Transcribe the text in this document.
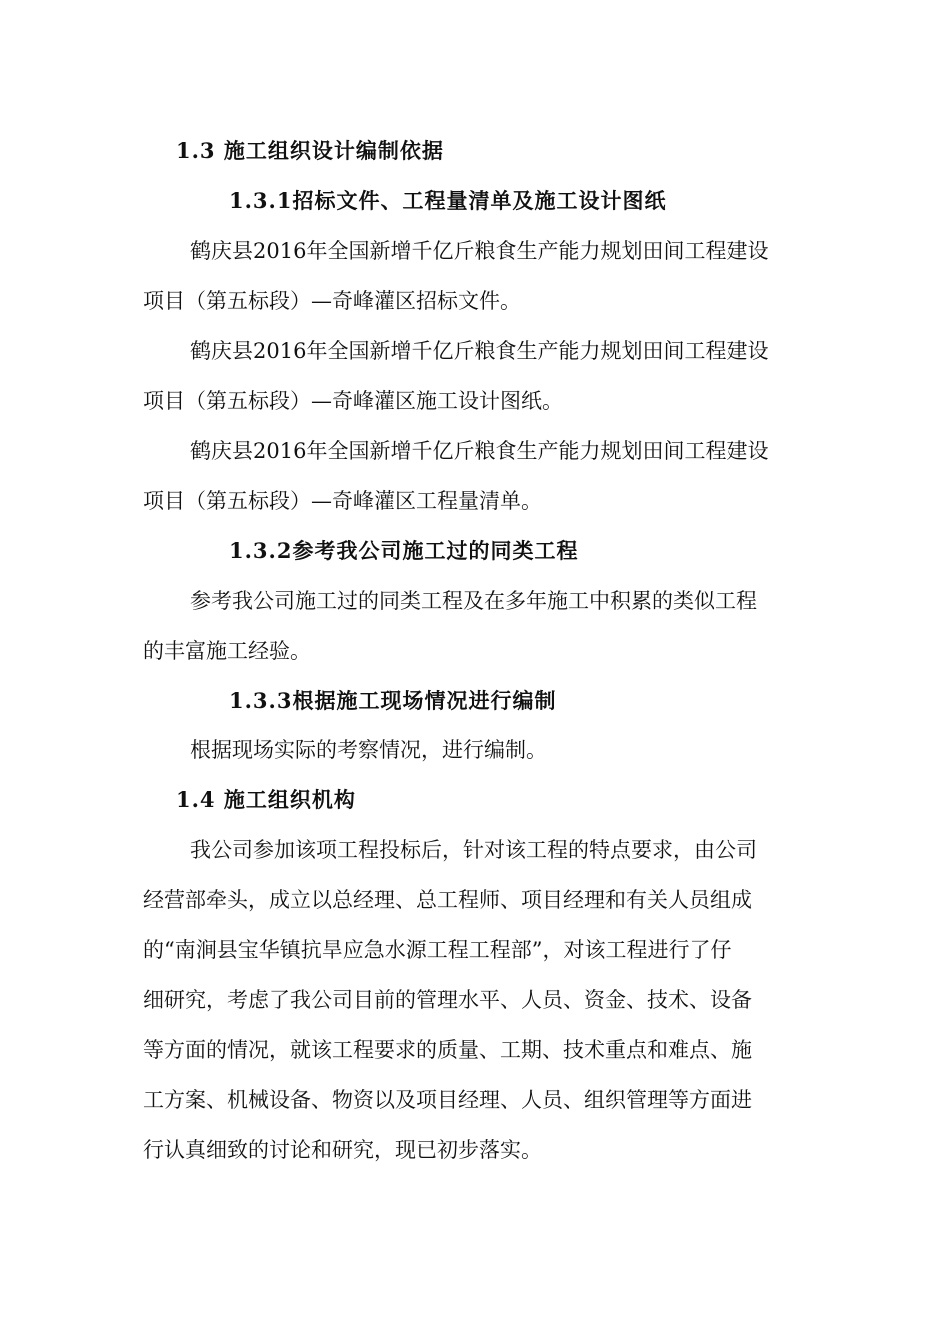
1.3 施工组织设计编制依据
1.3.1招标文件、工程量清单及施工设计图纸
鹤庆县2016年全国新增千亿斤粮食生产能力规划田间工程建设
项目（第五标段）—奇峰灌区招标文件。
鹤庆县2016年全国新增千亿斤粮食生产能力规划田间工程建设
项目（第五标段）—奇峰灌区施工设计图纸。
鹤庆县2016年全国新增千亿斤粮食生产能力规划田间工程建设
项目（第五标段）—奇峰灌区工程量清单。
1.3.2参考我公司施工过的同类工程
参考我公司施工过的同类工程及在多年施工中积累的类似工程
的丰富施工经验。
1.3.3根据施工现场情况进行编制
根据现场实际的考察情况，进行编制。
1.4 施工组织机构
我公司参加该项工程投标后，针对该工程的特点要求，由公司
经营部牵头，成立以总经理、总工程师、项目经理和有关人员组成
的“南涧县宝华镇抗旱应急水源工程工程部”，对该工程进行了仔
细研究，考虑了我公司目前的管理水平、人员、资金、技术、设备
等方面的情况，就该工程要求的质量、工期、技术重点和难点、施
工方案、机械设备、物资以及项目经理、人员、组织管理等方面进
行认真细致的讨论和研究，现已初步落实。
